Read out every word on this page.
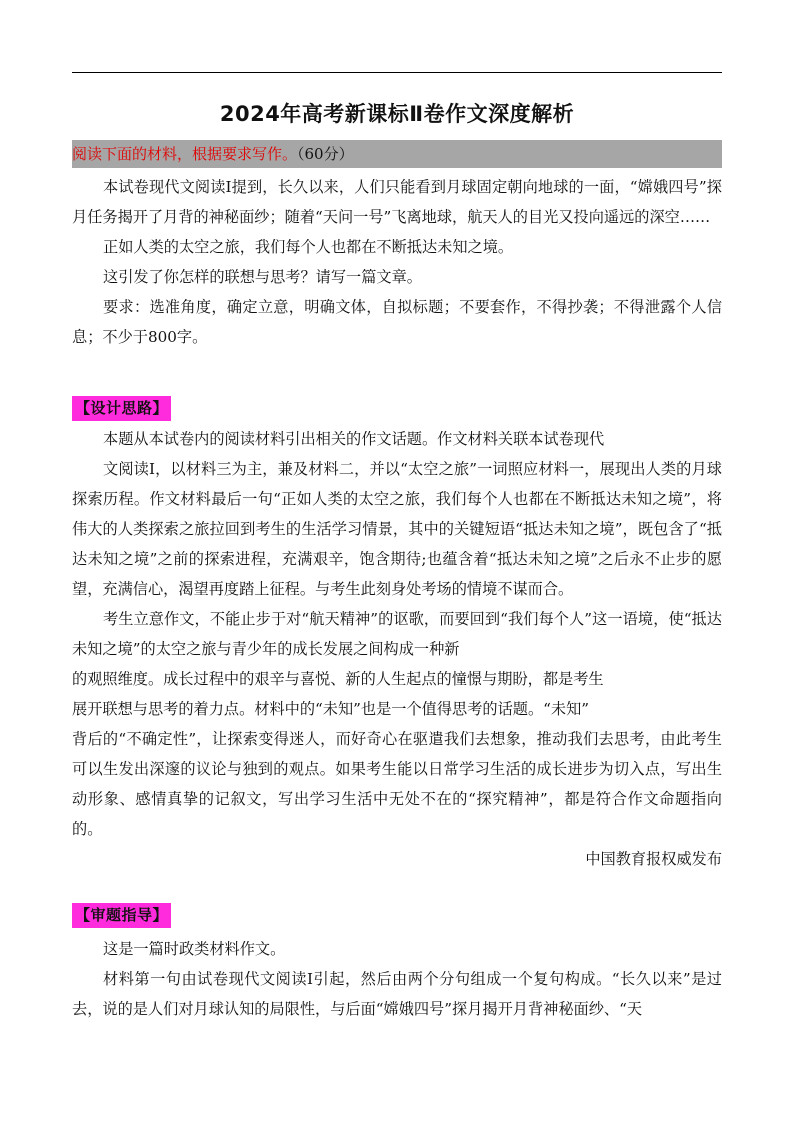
2024年高考新课标Ⅱ卷作文深度解析
阅读下面的材料，根据要求写作。（60分）

本试卷现代文阅读Ⅰ提到，长久以来，人们只能看到月球固定朝向地球的一面，“嫦娥四号”探月任务揭开了月背的神秘面纱；随着“天问一号”飞离地球，航天人的目光又投向遥远的深空……

正如人类的太空之旅，我们每个人也都在不断抵达未知之境。

这引发了你怎样的联想与思考？请写一篇文章。

要求：选准角度，确定立意，明确文体，自拟标题；不要套作，不得抄袭；不得泄露个人信息；不少于800字。

【设计思路】

本题从本试卷内的阅读材料引出相关的作文话题。作文材料关联本试卷现代

文阅读Ⅰ，以材料三为主，兼及材料二，并以“太空之旅”一词照应材料一，展现出人类的月球探索历程。作文材料最后一句“正如人类的太空之旅，我们每个人也都在不断抵达未知之境”，将伟大的人类探索之旅拉回到考生的生活学习情景，其中的关键短语“抵达未知之境”，既包含了“抵达未知之境”之前的探索进程，充满艰辛，饱含期待;也蕴含着“抵达未知之境”之后永不止步的愿望，充满信心，渴望再度踏上征程。与考生此刻身处考场的情境不谋而合。

考生立意作文，不能止步于对“航天精神”的讴歌，而要回到“我们每个人”这一语境，使“抵达未知之境”的太空之旅与青少年的成长发展之间构成一种新

的观照维度。成长过程中的艰辛与喜悦、新的人生起点的憧憬与期盼，都是考生

展开联想与思考的着力点。材料中的“未知”也是一个值得思考的话题。“未知”

背后的“不确定性”，让探索变得迷人，而好奇心在驱遣我们去想象，推动我们去思考，由此考生可以生发出深邃的议论与独到的观点。如果考生能以日常学习生活的成长进步为切入点，写出生动形象、感情真挚的记叙文，写出学习生活中无处不在的“探究精神”，都是符合作文命题指向的。

中国教育报权威发布

【审题指导】

这是一篇时政类材料作文。

材料第一句由试卷现代文阅读Ⅰ引起，然后由两个分句组成一个复句构成。“长久以来”是过去，说的是人们对月球认知的局限性，与后面“嫦娥四号”探月揭开月背神秘面纱、“天
